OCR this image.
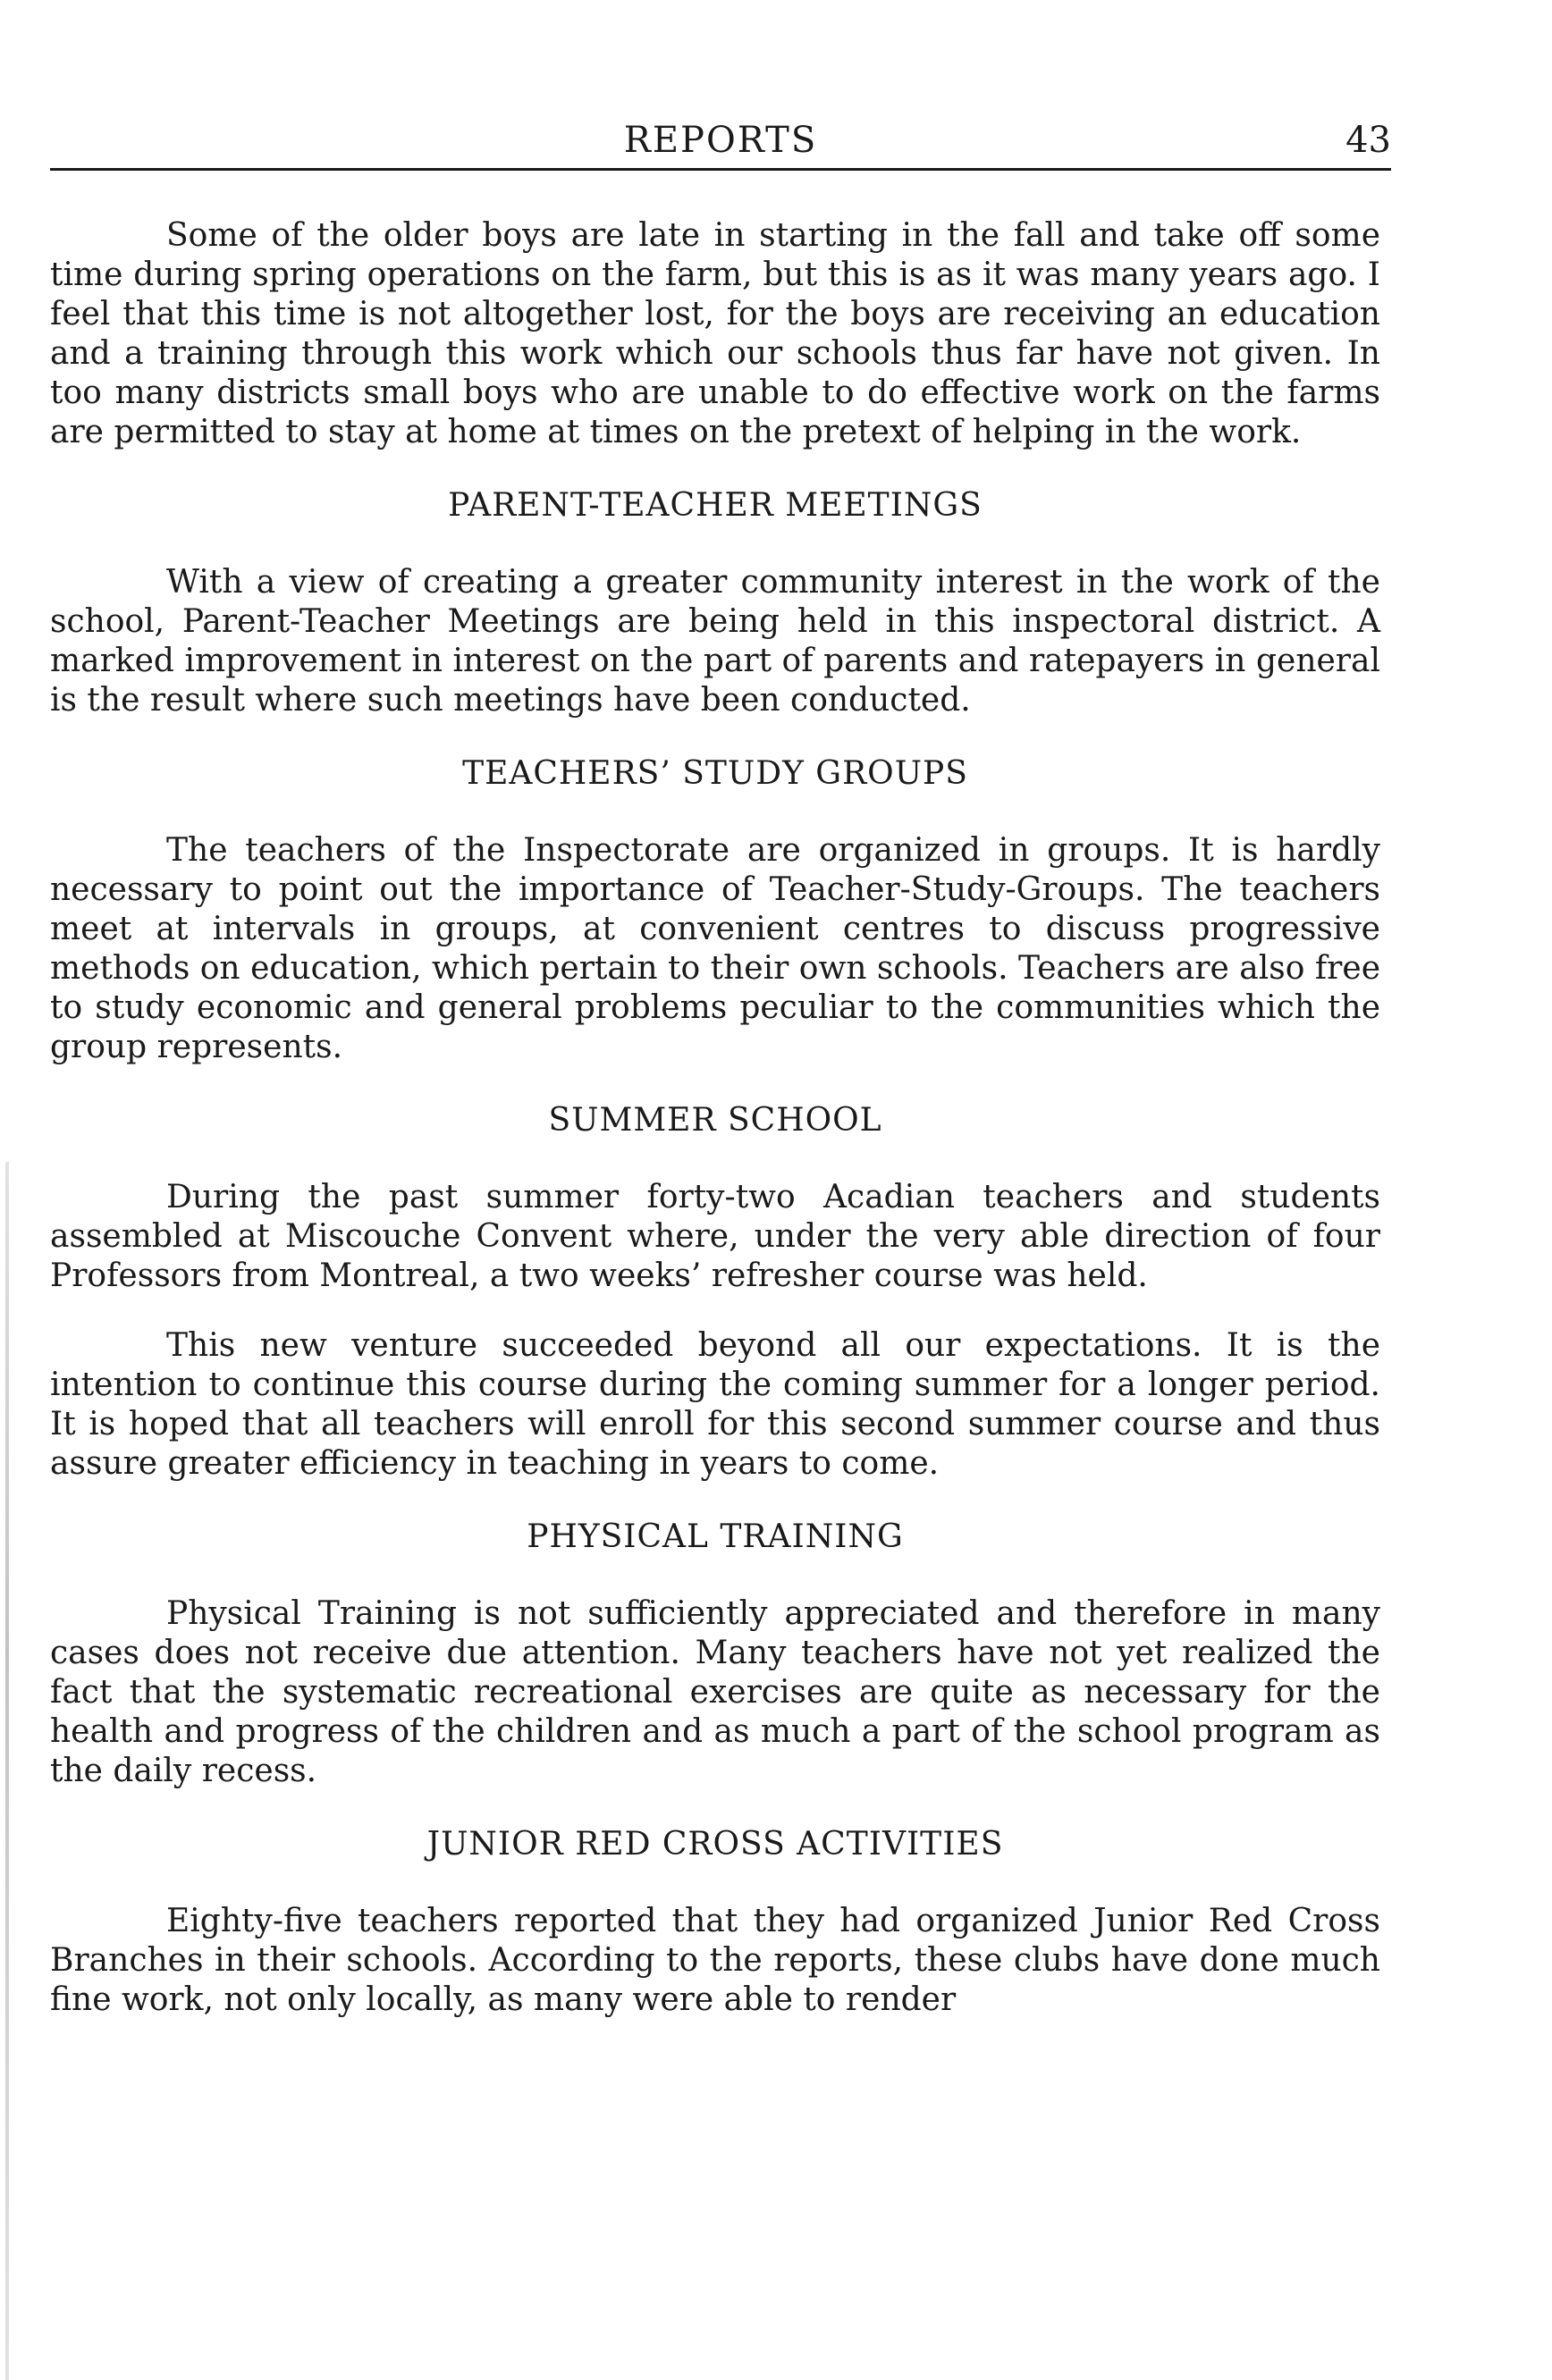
REPORTS	43

Some of the older boys are late in starting in the fall and take off some time during spring operations on the farm, but this is as it was many years ago. I feel that this time is not altogether lost, for the boys are receiving an education and a training through this work which our schools thus far have not given. In too many districts small boys who are unable to do effective work on the farms are permitted to stay at home at times on the pretext of helping in the work.

PARENT-TEACHER MEETINGS

With a view of creating a greater community interest in the work of the school, Parent-Teacher Meetings are being held in this inspectoral district. A marked improvement in interest on the part of parents and ratepayers in general is the result where such meetings have been conducted.

TEACHERS’ STUDY GROUPS

The teachers of the Inspectorate are organized in groups. It is hardly necessary to point out the importance of Teacher-Study-Groups. The teachers meet at intervals in groups, at convenient centres to discuss progressive methods on education, which pertain to their own schools. Teachers are also free to study economic and general problems peculiar to the communities which the group represents.

SUMMER SCHOOL

During the past summer forty-two Acadian teachers and students assembled at Miscouche Convent where, under the very able direction of four Professors from Montreal, a two weeks’ refresher course was held.

This new venture succeeded beyond all our expectations. It is the intention to continue this course during the coming summer for a longer period. It is hoped that all teachers will enroll for this second summer course and thus assure greater efficiency in teaching in years to come.

PHYSICAL TRAINING

Physical Training is not sufficiently appreciated and therefore in many cases does not receive due attention. Many teachers have not yet realized the fact that the systematic recreational exercises are quite as necessary for the health and progress of the children and as much a part of the school program as the daily recess.

JUNIOR RED CROSS ACTIVITIES

Eighty-five teachers reported that they had organized Junior Red Cross Branches in their schools. According to the reports, these clubs have done much fine work, not only locally, as many were able to render
